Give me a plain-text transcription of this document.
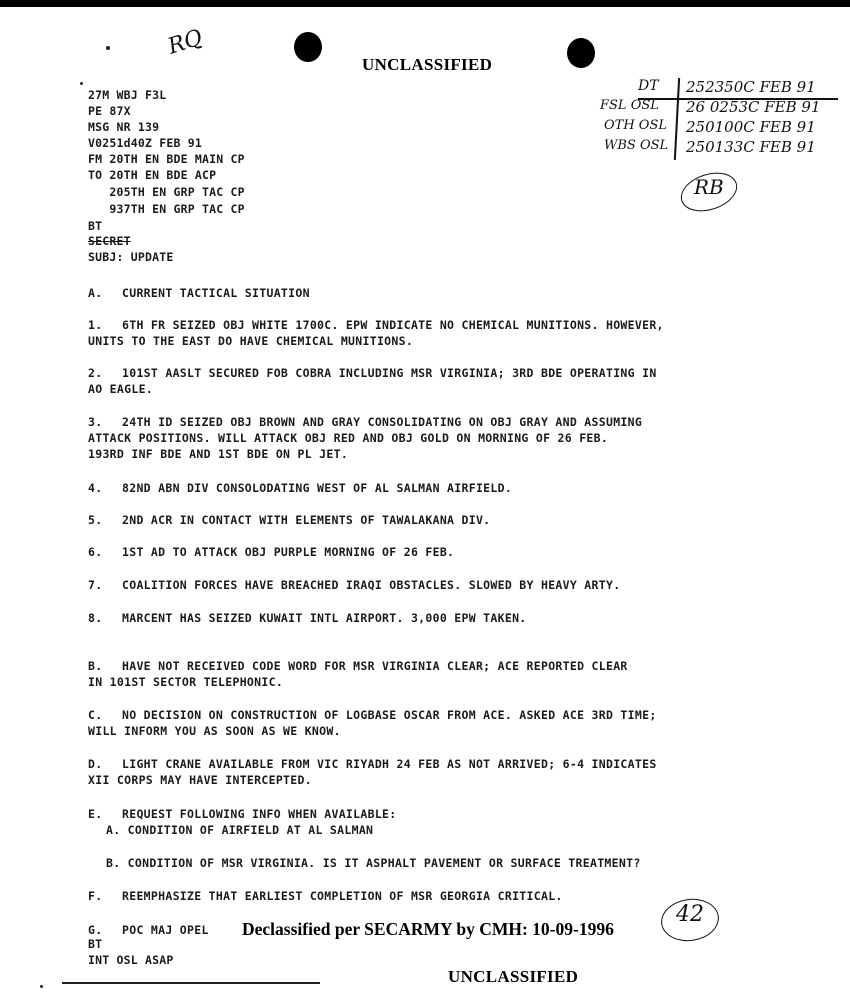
UNCLASSIFIED
RQ
DT 252350C FEB 91
FSL OSL 26 0253C FEB 91
OTH OSL 250100C FEB 91
WBS OSL 250133C FEB 91
RB
27M WBJ F3L
PE 87X
MSG NR 139
V0251d40Z FEB 91
FM 20TH EN BDE MAIN CP
TO 20TH EN BDE ACP
205TH EN GRP TAC CP
937TH EN GRP TAC CP
BT
SECRET
SUBJ: UPDATE
A. CURRENT TACTICAL SITUATION
1. 6TH FR SEIZED OBJ WHITE 1700C. EPW INDICATE NO CHEMICAL MUNITIONS. HOWEVER,
UNITS TO THE EAST DO HAVE CHEMICAL MUNITIONS.
2. 101ST AASLT SECURED FOB COBRA INCLUDING MSR VIRGINIA; 3RD BDE OPERATING IN
AO EAGLE.
3. 24TH ID SEIZED OBJ BROWN AND GRAY CONSOLIDATING ON OBJ GRAY AND ASSUMING
ATTACK POSITIONS. WILL ATTACK OBJ RED AND OBJ GOLD ON MORNING OF 26 FEB.
193RD INF BDE AND 1ST BDE ON PL JET.
4. 82ND ABN DIV CONSOLODATING WEST OF AL SALMAN AIRFIELD.
5. 2ND ACR IN CONTACT WITH ELEMENTS OF TAWALAKANA DIV.
6. 1ST AD TO ATTACK OBJ PURPLE MORNING OF 26 FEB.
7. COALITION FORCES HAVE BREACHED IRAQI OBSTACLES. SLOWED BY HEAVY ARTY.
8. MARCENT HAS SEIZED KUWAIT INTL AIRPORT. 3,000 EPW TAKEN.
B. HAVE NOT RECEIVED CODE WORD FOR MSR VIRGINIA CLEAR; ACE REPORTED CLEAR
IN 101ST SECTOR TELEPHONIC.
C. NO DECISION ON CONSTRUCTION OF LOGBASE OSCAR FROM ACE. ASKED ACE 3RD TIME;
WILL INFORM YOU AS SOON AS WE KNOW.
D. LIGHT CRANE AVAILABLE FROM VIC RIYADH 24 FEB AS NOT ARRIVED; 6-4 INDICATES
XII CORPS MAY HAVE INTERCEPTED.
E. REQUEST FOLLOWING INFO WHEN AVAILABLE:
A. CONDITION OF AIRFIELD AT AL SALMAN
B. CONDITION OF MSR VIRGINIA. IS IT ASPHALT PAVEMENT OR SURFACE TREATMENT?
F. REEMPHASIZE THAT EARLIEST COMPLETION OF MSR GEORGIA CRITICAL.
G. POC MAJ OPEL Declassified per SECARMY by CMH: 10-09-1996
42
BT
INT OSL ASAP
UNCLASSIFIED
